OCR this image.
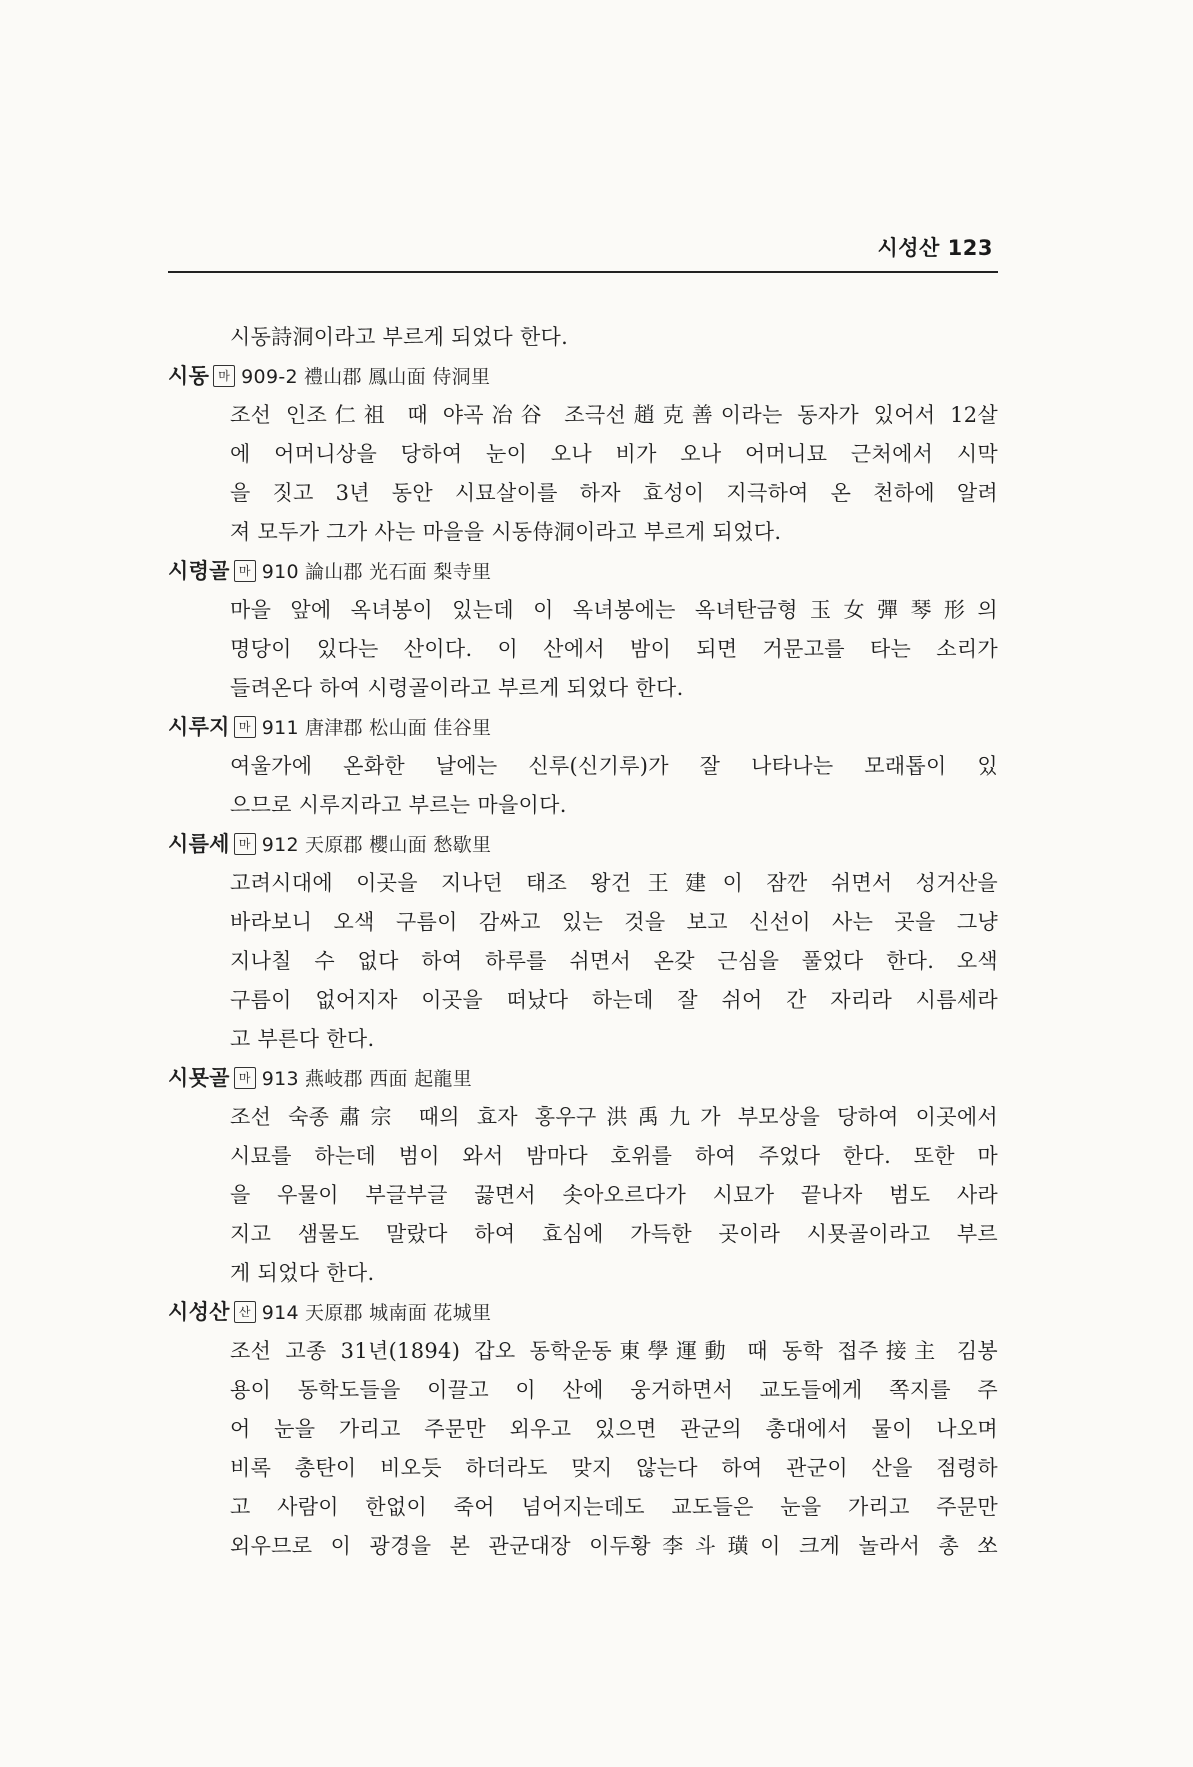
시성산 123
시동詩洞이라고 부르게 되었다 한다.
시동 마 909-2 禮山郡 鳳山面 侍洞里
조선 인조仁祖 때 야곡冶谷 조극선趙克善이라는 동자가 있어서 12살
에 어머니상을 당하여 눈이 오나 비가 오나 어머니묘 근처에서 시막
을 짓고 3년 동안 시묘살이를 하자 효성이 지극하여 온 천하에 알려
져 모두가 그가 사는 마을을 시동侍洞이라고 부르게 되었다.
시령골 마 910 論山郡 光石面 梨寺里
마을 앞에 옥녀봉이 있는데 이 옥녀봉에는 옥녀탄금형玉女彈琴形의
명당이 있다는 산이다. 이 산에서 밤이 되면 거문고를 타는 소리가
들려온다 하여 시령골이라고 부르게 되었다 한다.
시루지 마 911 唐津郡 松山面 佳谷里
여울가에 온화한 날에는 신루(신기루)가 잘 나타나는 모래톱이 있
으므로 시루지라고 부르는 마을이다.
시름세 마 912 天原郡 櫻山面 愁歇里
고려시대에 이곳을 지나던 태조 왕건王建이 잠깐 쉬면서 성거산을
바라보니 오색 구름이 감싸고 있는 것을 보고 신선이 사는 곳을 그냥
지나칠 수 없다 하여 하루를 쉬면서 온갖 근심을 풀었다 한다. 오색
구름이 없어지자 이곳을 떠났다 하는데 잘 쉬어 간 자리라 시름세라
고 부른다 한다.
시묫골 마 913 燕岐郡 西面 起龍里
조선 숙종肅宗 때의 효자 홍우구洪禹九가 부모상을 당하여 이곳에서
시묘를 하는데 범이 와서 밤마다 호위를 하여 주었다 한다. 또한 마
을 우물이 부글부글 끓면서 솟아오르다가 시묘가 끝나자 범도 사라
지고 샘물도 말랐다 하여 효심에 가득한 곳이라 시묫골이라고 부르
게 되었다 한다.
시성산 산 914 天原郡 城南面 花城里
조선 고종 31년(1894) 갑오 동학운동東學運動 때 동학 접주接主 김봉
용이 동학도들을 이끌고 이 산에 웅거하면서 교도들에게 쪽지를 주
어 눈을 가리고 주문만 외우고 있으면 관군의 총대에서 물이 나오며
비록 총탄이 비오듯 하더라도 맞지 않는다 하여 관군이 산을 점령하
고 사람이 한없이 죽어 넘어지는데도 교도들은 눈을 가리고 주문만
외우므로 이 광경을 본 관군대장 이두황李斗璜이 크게 놀라서 총 쏘
